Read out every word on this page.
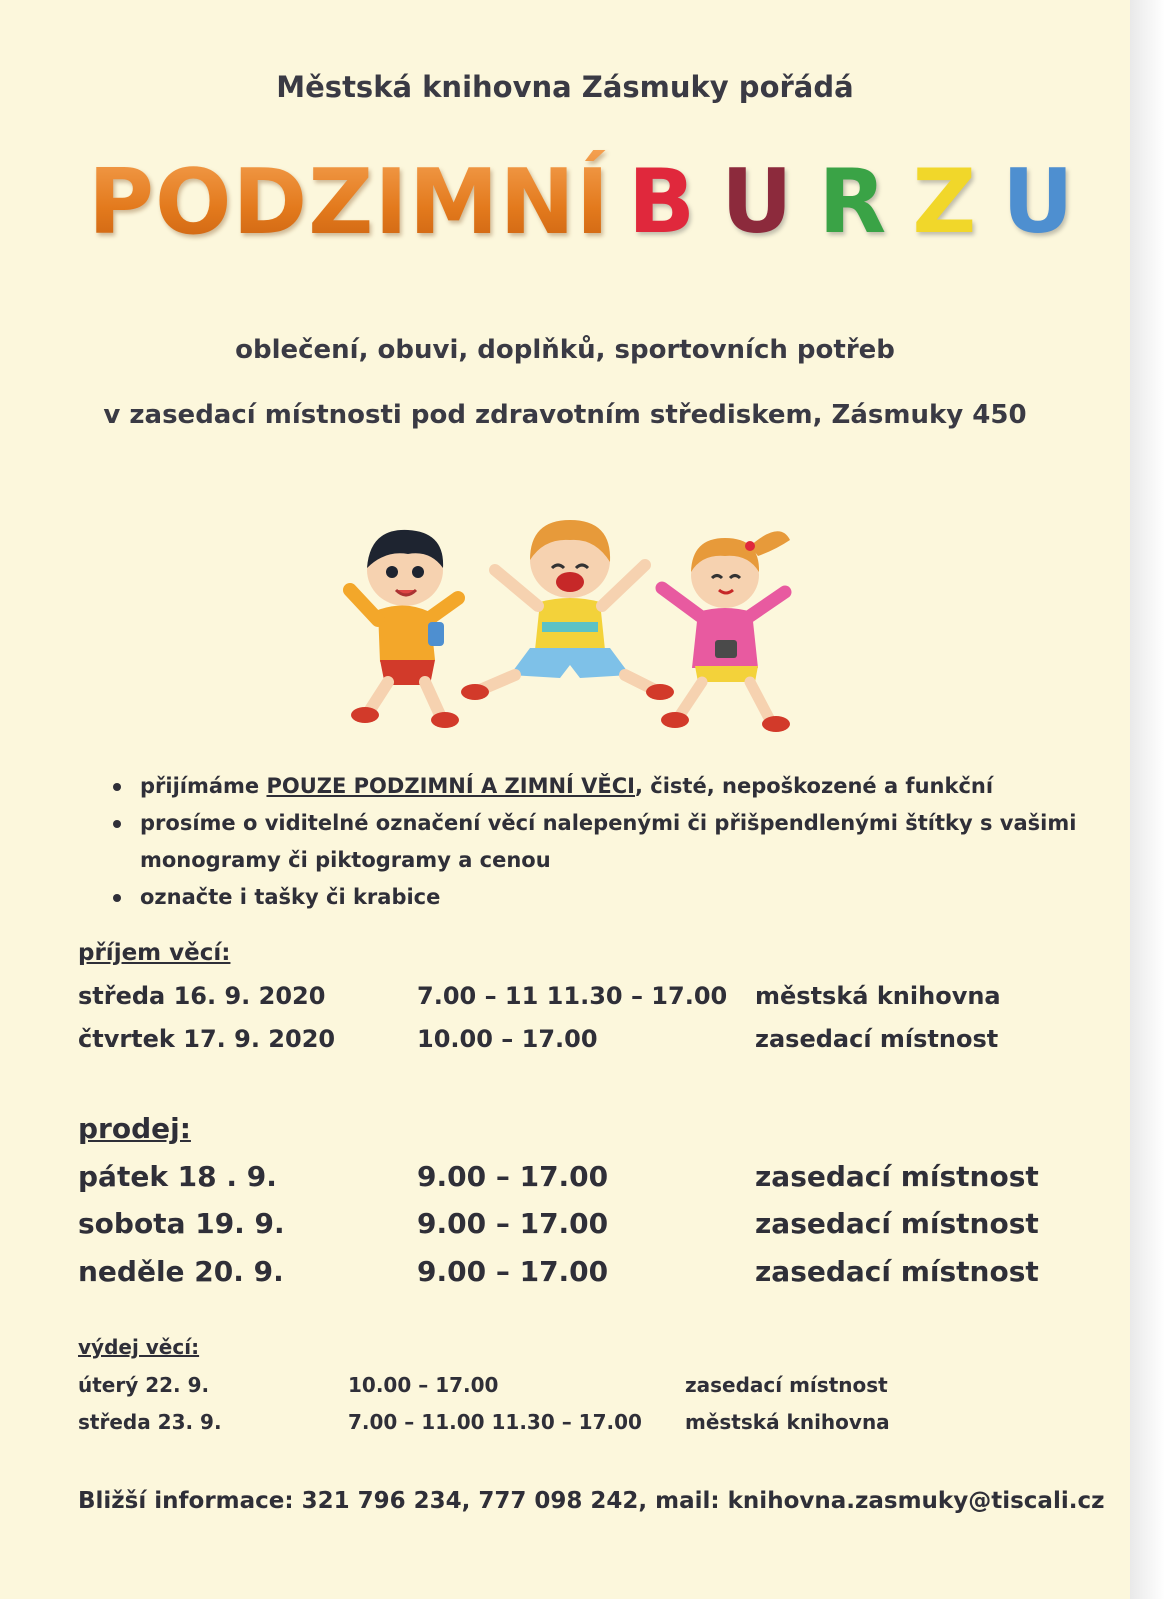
Městská knihovna Zásmuky pořádá
PODZIMNÍ B U R Z U
oblečení, obuvi, doplňků, sportovních potřeb
v zasedací místnosti pod zdravotním střediskem, Zásmuky 450
přijímáme POUZE PODZIMNÍ A ZIMNÍ VĚCI, čisté, nepoškozené a funkční
prosíme o viditelné označení věcí nalepenými či přišpendlenými štítky s vašimi monogramy či piktogramy a cenou
označte i tašky či krabice
příjem věcí:
středa 16. 9. 2020	7.00 – 11 11.30 – 17.00 městská knihovna
čtvrtek 17. 9. 2020	10.00 – 17.00	zasedací místnost
prodej:
pátek 18 . 9.	9.00 – 17.00	zasedací místnost
sobota 19. 9.	9.00 – 17.00	zasedací místnost
neděle 20. 9.	9.00 – 17.00	zasedací místnost
výdej věcí:
úterý 22. 9.	10.00 – 17.00	zasedací místnost
středa 23. 9.	7.00 – 11.00 11.30 – 17.00 městská knihovna
Bližší informace: 321 796 234, 777 098 242, mail: knihovna.zasmuky@tiscali.cz
